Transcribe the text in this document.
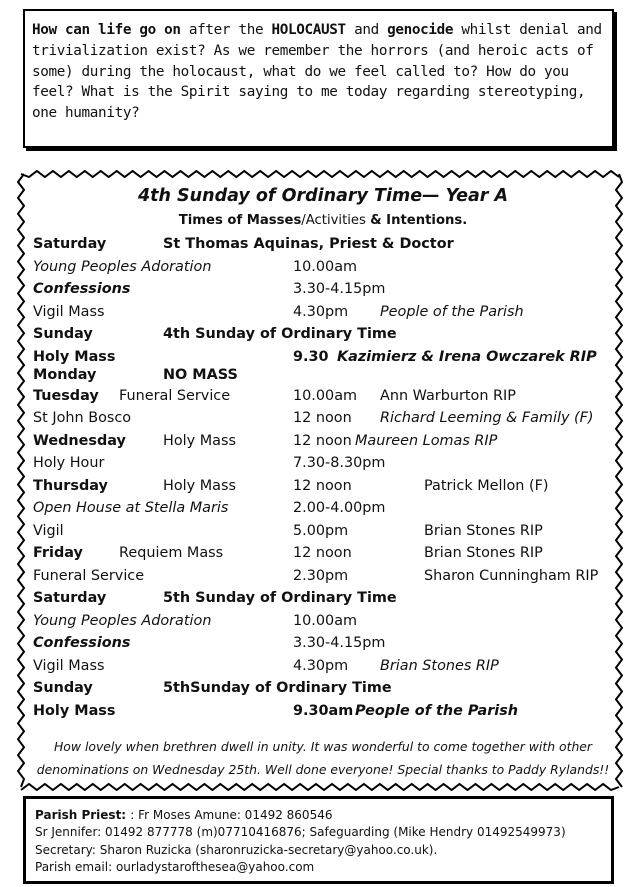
How can life go on after the HOLOCAUST and genocide whilst denial and
trivialization exist? As we remember the horrors (and heroic acts of
some) during the holocaust, what do we feel called to? How do you
feel? What is the Spirit saying to me today regarding stereotyping,
one humanity?
4th Sunday of Ordinary Time— Year A
Times of Masses/Activities & Intentions.
Saturday	St Thomas Aquinas, Priest & Doctor
Young Peoples Adoration	10.00am
Confessions	3.30-4.15pm
Vigil Mass	4.30pm People of the Parish
Sunday	4th Sunday of Ordinary Time
Holy Mass	9.30 Kazimierz & Irena Owczarek RIP
Monday	NO MASS
Tuesday Funeral Service	10.00am Ann Warburton RIP
St John Bosco	12 noon Richard Leeming & Family (F)
Wednesday	Holy Mass	12 noon Maureen Lomas RIP
Holy Hour	7.30-8.30pm
Thursday	Holy Mass	12 noon	Patrick Mellon (F)
Open House at Stella Maris	2.00-4.00pm
Vigil	5.00pm	Brian Stones RIP
Friday	Requiem Mass	12 noon	Brian Stones RIP
Funeral Service	2.30pm	Sharon Cunningham RIP
Saturday	5th Sunday of Ordinary Time
Young Peoples Adoration	10.00am
Confessions	3.30-4.15pm
Vigil Mass	4.30pm Brian Stones RIP
Sunday	5thSunday of Ordinary Time
Holy Mass	9.30am People of the Parish
How lovely when brethren dwell in unity. It was wonderful to come together with other
denominations on Wednesday 25th. Well done everyone! Special thanks to Paddy Rylands!!
Parish Priest: : Fr Moses Amune: 01492 860546
Sr Jennifer: 01492 877778 (m)07710416876; Safeguarding (Mike Hendry 01492549973)
Secretary: Sharon Ruzicka (sharonruzicka-secretary@yahoo.co.uk).
Parish email: ourladystarofthesea@yahoo.com
